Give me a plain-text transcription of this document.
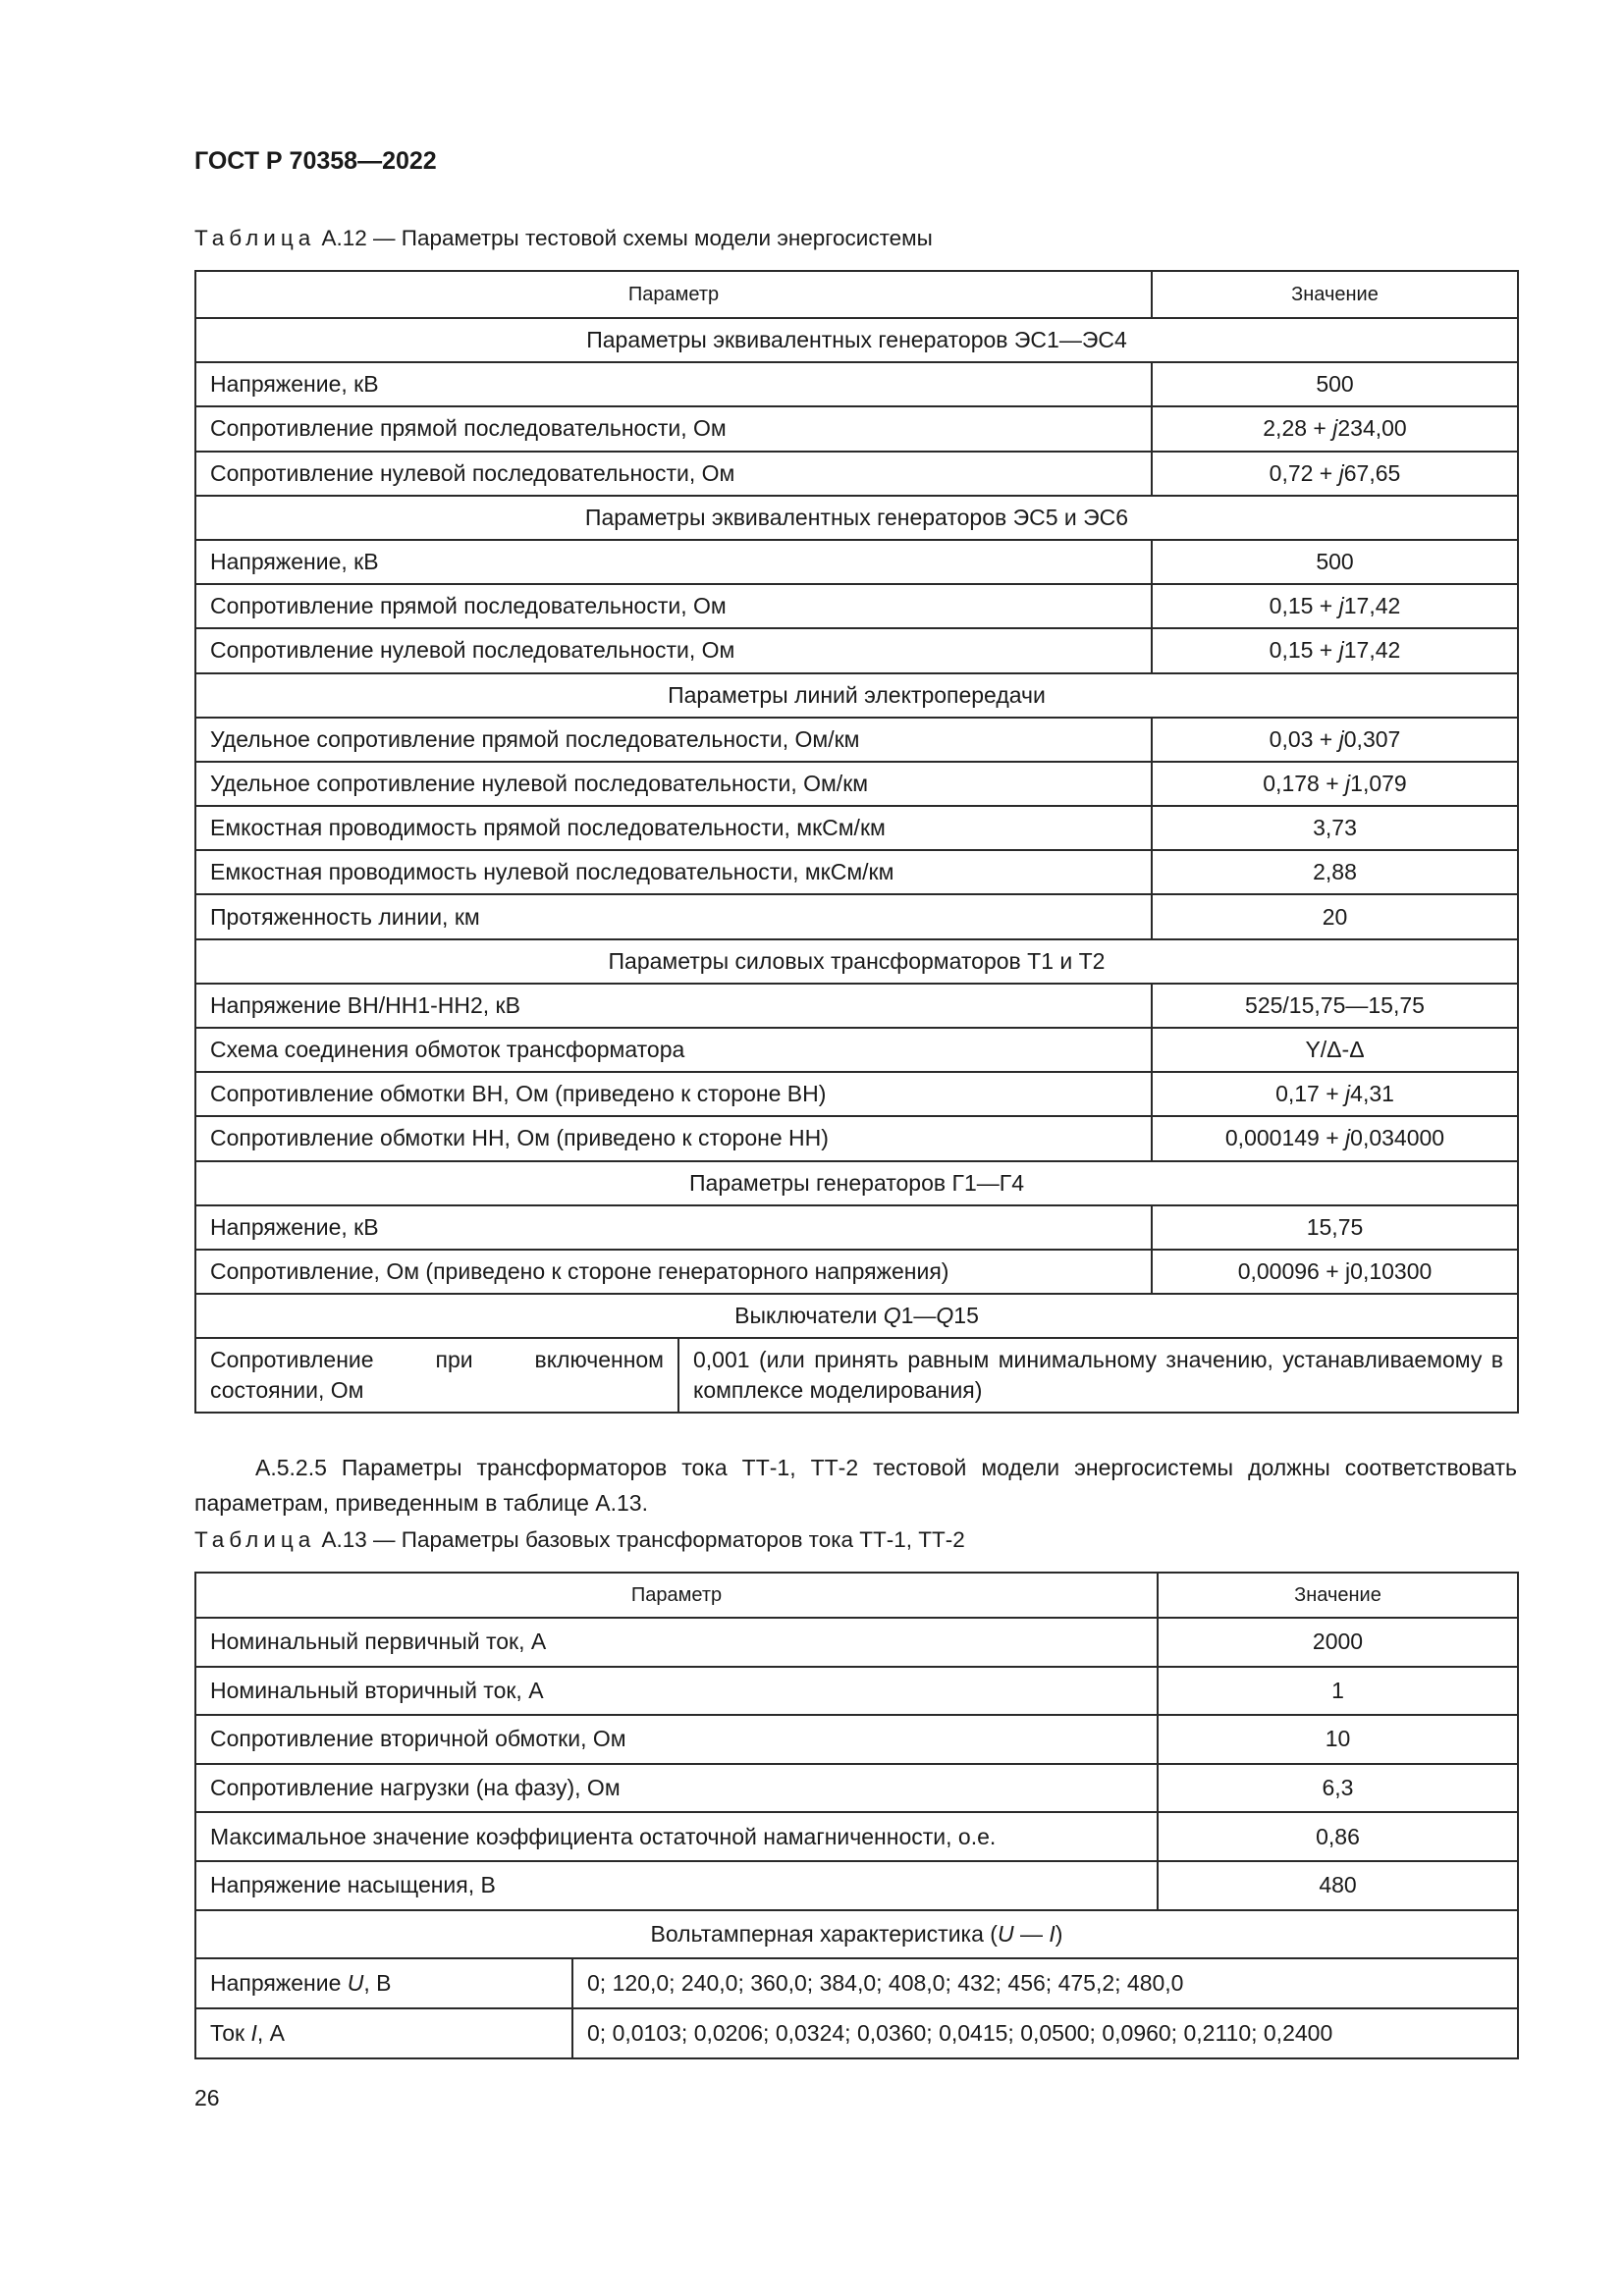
ГОСТ Р 70358—2022

Таблица А.12 — Параметры тестовой схемы модели энергосистемы

Параметр		Значение
Параметры эквивалентных генераторов ЭС1—ЭС4		
Напряжение, кВ		500
Сопротивление прямой последовательности, Ом		2,28 + j234,00
Сопротивление нулевой последовательности, Ом		0,72 + j67,65
Параметры эквивалентных генераторов ЭС5 и ЭС6		
Напряжение, кВ		500
Сопротивление прямой последовательности, Ом		0,15 + j17,42
Сопротивление нулевой последовательности, Ом		0,15 + j17,42
Параметры линий электропередачи		
Удельное сопротивление прямой последовательности, Ом/км		0,03 + j0,307
Удельное сопротивление нулевой последовательности, Ом/км		0,178 + j1,079
Емкостная проводимость прямой последовательности, мкСм/км		3,73
Емкостная проводимость нулевой последовательности, мкСм/км		2,88
Протяженность линии, км		20
Параметры силовых трансформаторов Т1 и Т2		
Напряжение ВН/НН1-НН2, кВ		525/15,75—15,75
Схема соединения обмоток трансформатора		Y/Δ-Δ
Сопротивление обмотки ВН, Ом (приведено к стороне ВН)		0,17 + j4,31
Сопротивление обмотки НН, Ом (приведено к стороне НН)		0,000149 + j0,034000
Параметры генераторов Г1—Г4		
Напряжение, кВ		15,75
Сопротивление, Ом (приведено к стороне генераторного напряжения)		0,00096 + j0,10300
Выключатели Q1—Q15		
Сопротивление при включенном состоянии, Ом	0,001 (или принять равным минимальному значению, устанавливаемому в комплексе моделирования)	

А.5.2.5 Параметры трансформаторов тока ТТ-1, ТТ-2 тестовой модели энергосистемы должны соответствовать параметрам, приведенным в таблице А.13.

Таблица А.13 — Параметры базовых трансформаторов тока ТТ-1, ТТ-2

Параметр		Значение
Номинальный первичный ток, А		2000
Номинальный вторичный ток, А		1
Сопротивление вторичной обмотки, Ом		10
Сопротивление нагрузки (на фазу), Ом		6,3
Максимальное значение коэффициента остаточной намагниченности, о.е.		0,86
Напряжение насыщения, В		480
Вольтамперная характеристика (U — I)		
Напряжение U, В	0; 120,0; 240,0; 360,0; 384,0; 408,0; 432; 456; 475,2; 480,0	
Ток I, А	0; 0,0103; 0,0206; 0,0324; 0,0360; 0,0415; 0,0500; 0,0960; 0,2110; 0,2400	

26
